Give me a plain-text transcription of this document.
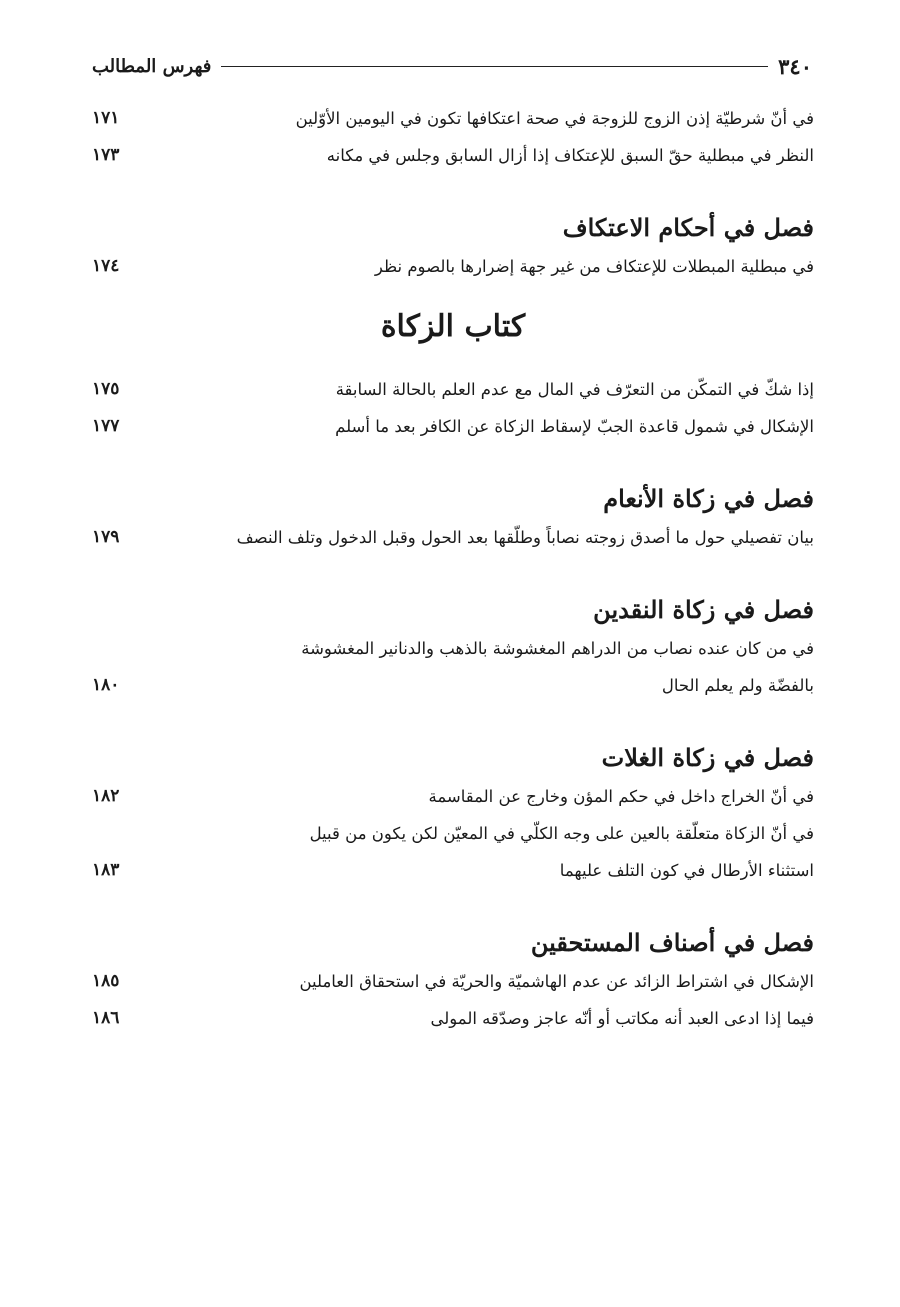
٣٤٠
فهرس المطالب
في أنّ شرطيّة إذن الزوج للزوجة في صحة اعتكافها تكون في اليومين الأوّلين
١٧١
النظر في مبطلية حقّ السبق للإعتكاف إذا أزال السابق وجلس في مكانه
١٧٣
فصل في أحكام الاعتكاف
في مبطلية المبطلات للإعتكاف من غير جهة إضرارها بالصوم نظر
١٧٤
كتاب الزكاة
إذا شكّ في التمكّن من التعرّف في المال مع عدم العلم بالحالة السابقة
١٧٥
الإشكال في شمول قاعدة الجبّ لإسقاط الزكاة عن الكافر بعد ما أسلم
١٧٧
فصل في زكاة الأنعام
بيان تفصيلي حول ما أصدق زوجته نصاباً وطلّقها بعد الحول وقبل الدخول وتلف النصف
١٧٩
فصل في زكاة النقدين
في من كان عنده نصاب من الدراهم المغشوشة بالذهب والدنانير المغشوشة
بالفضّة ولم يعلم الحال
١٨٠
فصل في زكاة الغلات
في أنّ الخراج داخل في حكم المؤن وخارج عن المقاسمة
١٨٢
في أنّ الزكاة متعلّقة بالعين على وجه الكلّي في المعيّن لكن يكون من قبيل
استثناء الأرطال في كون التلف عليهما
١٨٣
فصل في أصناف المستحقين
الإشكال في اشتراط الزائد عن عدم الهاشميّة والحريّة في استحقاق العاملين
١٨٥
فيما إذا ادعى العبد أنه مكاتب أو أنّه عاجز وصدّقه المولى
١٨٦
